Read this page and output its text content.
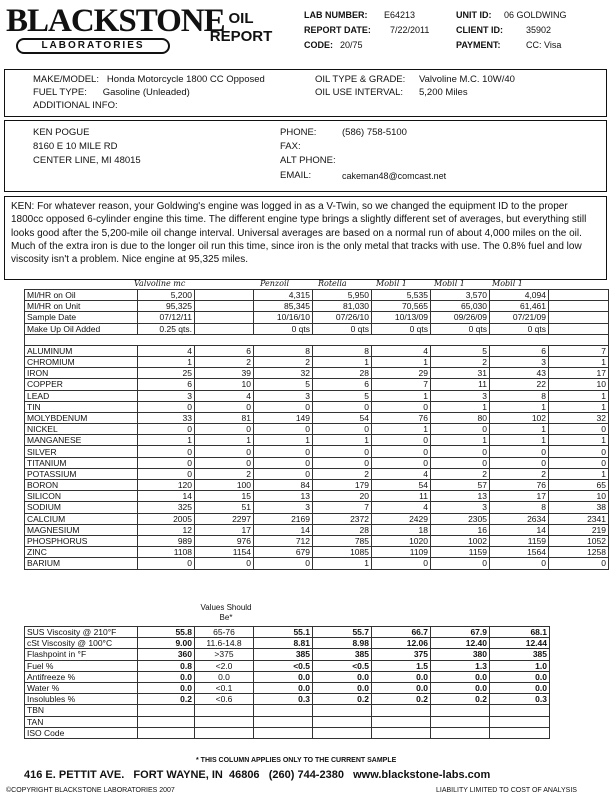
BLACKSTONE
LABORATORIES
OIL
REPORT
LAB NUMBER: E64213
REPORT DATE: 7/22/2011
CODE: 20/75
UNIT ID: 06 GOLDWING
CLIENT ID:	35902
PAYMENT:	CC: Visa
MAKE/MODEL: Honda Motorcycle 1800 CC Opposed
FUEL TYPE: Gasoline (Unleaded)
ADDITIONAL INFO:
OIL TYPE & GRADE: Valvoline M.C. 10W/40
OIL USE INTERVAL: 5,200 Miles
KEN POGUE
8160 E 10 MILE RD
CENTER LINE, MI 48015
PHONE:	(586) 758-5100
FAX:
ALT PHONE:
EMAIL:	cakeman48@comcast.net
KEN: For whatever reason, your Goldwing's engine was logged in as a V-Twin, so we changed the equipment ID to the proper 1800cc opposed 6-cylinder engine this time. The different engine type brings a slightly different set of averages, but everything still looks good after the 5,200-mile oil change interval. Universal averages are based on a normal run of about 4,000 miles on the oil. Much of the extra iron is due to the longer oil run this time, since iron is the only metal that tracks with use. The 0.8% fuel and low viscosity isn't a problem. Nice engine at 95,325 miles.
Valvoline mc	Penzoil	Rotella	Mobil 1	Mobil 1	Mobil 1
MI/HR on Oil	5,200		4,315	5,950	5,535	3,570	4,094	
MI/HR on Unit	95,325		85,345	81,030	70,565	65,030	61,461	
Sample Date	07/12/11		10/16/10	07/26/10	10/13/09	09/26/09	07/21/09	
Make Up Oil Added	0.25 qts.		0 qts	0 qts	0 qts	0 qts	0 qts	

ALUMINUM	4	6	8	8	4	5	6	7
CHROMIUM	1	2	2	1	1	2	3	1
IRON	25	39	32	28	29	31	43	17
COPPER	6	10	5	6	7	11	22	10
LEAD	3	4	3	5	1	3	8	1
TIN	0	0	0	0	0	1	1	1
MOLYBDENUM	33	81	149	54	76	80	102	32
NICKEL	0	0	0	0	1	0	1	0
MANGANESE	1	1	1	1	0	1	1	1
SILVER	0	0	0	0	0	0	0	0
TITANIUM	0	0	0	0	0	0	0	0
POTASSIUM	0	2	0	2	4	2	2	1
BORON	120	100	84	179	54	57	76	65
SILICON	14	15	13	20	11	13	17	10
SODIUM	325	51	3	7	4	3	8	38
CALCIUM	2005	2297	2169	2372	2429	2305	2634	2341
MAGNESIUM	12	17	14	28	18	16	14	219
PHOSPHORUS	989	976	712	785	1020	1002	1159	1052
ZINC	1108	1154	679	1085	1109	1159	1564	1258
BARIUM	0	0	0	1	0	0	0	0
Values Should Be*
SUS Viscosity @ 210°F	55.8	65-76	55.1	55.7	66.7	67.9	68.1
cSt Viscosity @ 100°C	9.00	11.6-14.8	8.81	8.98	12.06	12.40	12.44
Flashpoint in °F	360	>375	385	385	375	380	385
Fuel %	0.8	<2.0	<0.5	<0.5	1.5	1.3	1.0
Antifreeze %	0.0	0.0	0.0	0.0	0.0	0.0	0.0
Water %	0.0	<0.1	0.0	0.0	0.0	0.0	0.0
Insolubles %	0.2	<0.6	0.3	0.2	0.2	0.2	0.3
TBN							
TAN							
ISO Code							
* THIS COLUMN APPLIES ONLY TO THE CURRENT SAMPLE
416 E. PETTIT AVE.   FORT WAYNE, IN  46806   (260) 744-2380   www.blackstone-labs.com
©COPYRIGHT BLACKSTONE LABORATORIES 2007	LIABILITY LIMITED TO COST OF ANALYSIS
